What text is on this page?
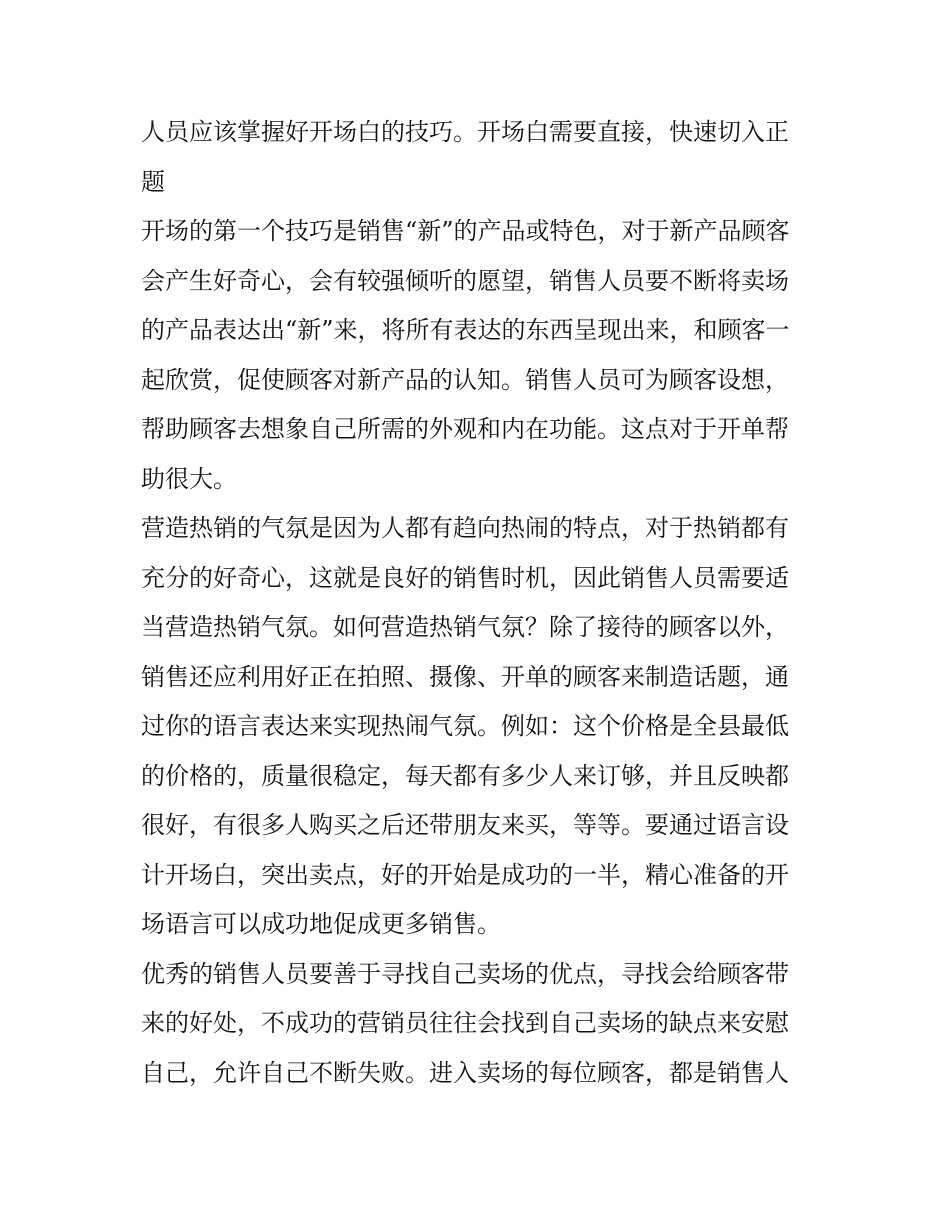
人员应该掌握好开场白的技巧。开场白需要直接，快速切入正
题
开场的第一个技巧是销售“新”的产品或特色，对于新产品顾客
会产生好奇心，会有较强倾听的愿望，销售人员要不断将卖场
的产品表达出“新”来，将所有表达的东西呈现出来，和顾客一
起欣赏，促使顾客对新产品的认知。销售人员可为顾客设想，
帮助顾客去想象自己所需的外观和内在功能。这点对于开单帮
助很大。
营造热销的气氛是因为人都有趋向热闹的特点，对于热销都有
充分的好奇心，这就是良好的销售时机，因此销售人员需要适
当营造热销气氛。如何营造热销气氛？除了接待的顾客以外，
销售还应利用好正在拍照、摄像、开单的顾客来制造话题，通
过你的语言表达来实现热闹气氛。例如：这个价格是全县最低
的价格的，质量很稳定，每天都有多少人来订够，并且反映都
很好，有很多人购买之后还带朋友来买，等等。要通过语言设
计开场白，突出卖点，好的开始是成功的一半，精心准备的开
场语言可以成功地促成更多销售。
优秀的销售人员要善于寻找自己卖场的优点，寻找会给顾客带
来的好处，不成功的营销员往往会找到自己卖场的缺点来安慰
自己，允许自己不断失败。进入卖场的每位顾客，都是销售人
